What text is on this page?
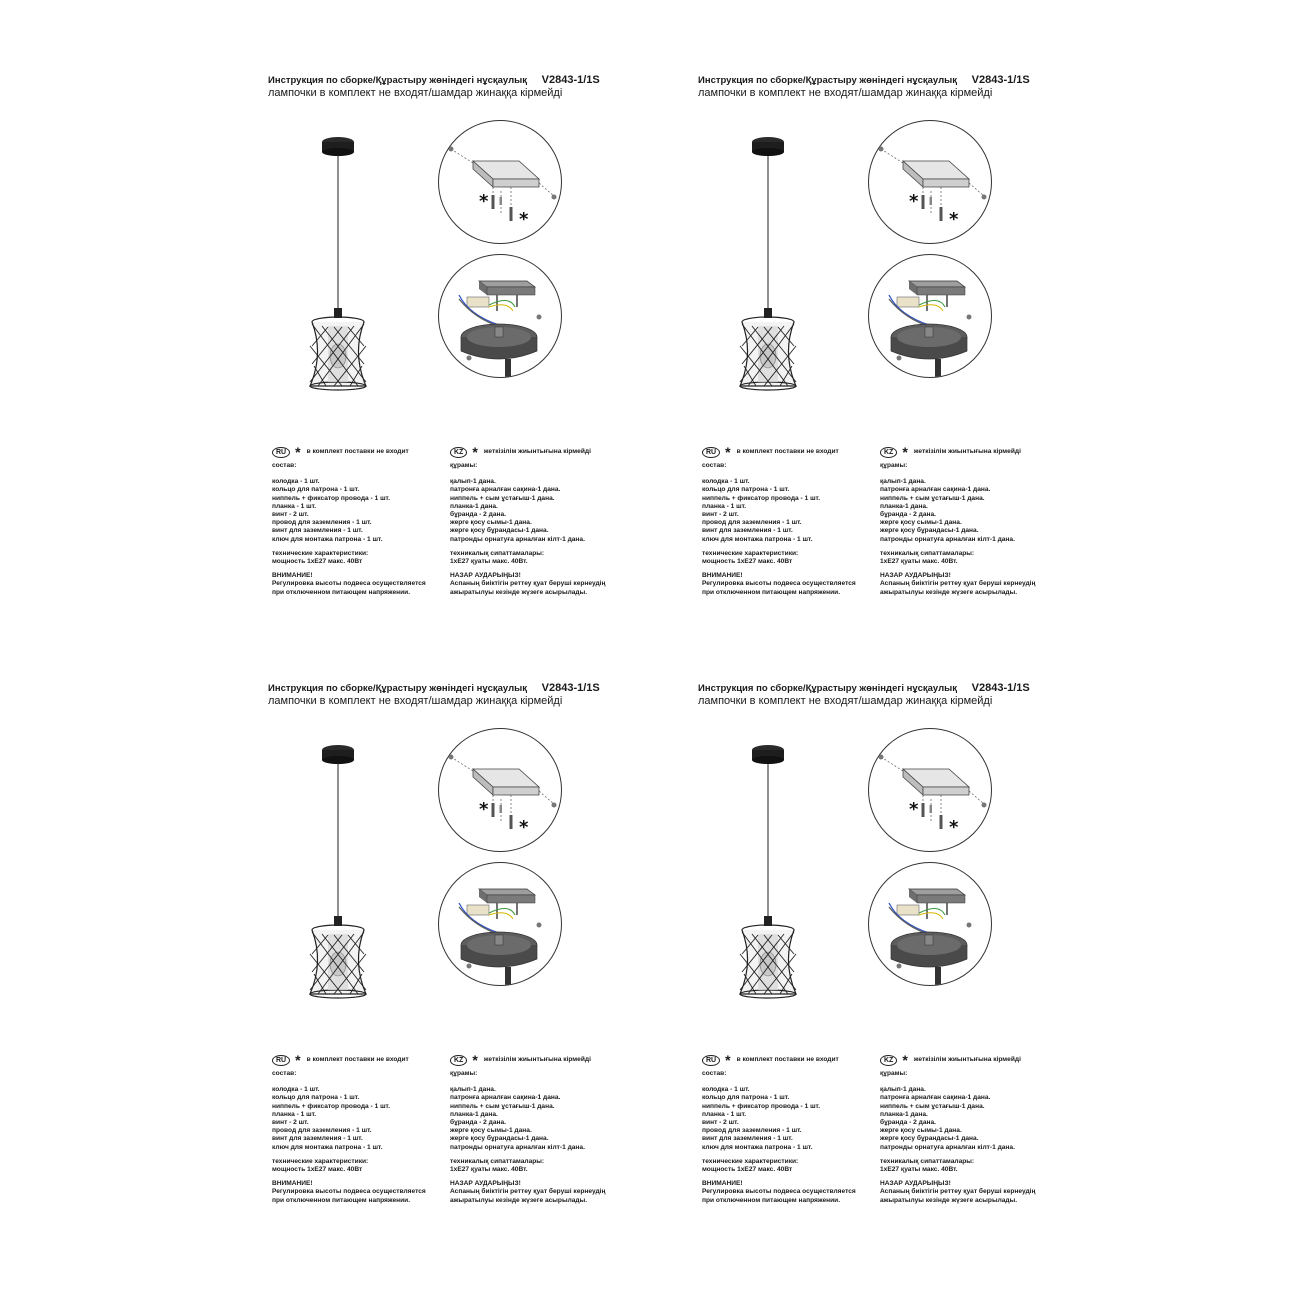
Инструкция по сборке/Құрастыру жөніндегі нұсқаулық V2843-1/1S
лампочки в комплект не входят/шамдар жинаққа кірмейді
*
*
RU * в комплект поставки не входит
состав:
колодка - 1 шт.
кольцо для патрона - 1 шт.
ниппель + фиксатор провода - 1 шт.
планка - 1 шт.
винт - 2 шт.
провод для заземления - 1 шт.
винт для заземления - 1 шт.
ключ для монтажа патрона - 1 шт.
технические характеристики:
мощность 1хЕ27 макс. 40Вт
ВНИМАНИЕ!
Регулировка высоты подвеса осуществляется
при отключенном питающем напряжении.
KZ * жеткізілім жиынтығына кірмейді
құрамы:
қалып-1 дана.
патронға арналған сақина-1 дана.
ниппель + сым ұстағыш-1 дана.
планка-1 дана.
бұранда - 2 дана.
жерге қосу сымы-1 дана.
жерге қосу бұрандасы-1 дана.
патронды орнатуға арналған кілт-1 дана.
техникалық сипаттамалары:
1хЕ27 қуаты макс. 40Вт.
НАЗАР АУДАРЫҢЫЗ!
Аспаның биіктігін реттеу қуат беруші кернеудің
ажыратылуы кезінде жүзеге асырылады.
Инструкция по сборке/Құрастыру жөніндегі нұсқаулық V2843-1/1S
лампочки в комплект не входят/шамдар жинаққа кірмейді
*
*
RU * в комплект поставки не входит
состав:
колодка - 1 шт.
кольцо для патрона - 1 шт.
ниппель + фиксатор провода - 1 шт.
планка - 1 шт.
винт - 2 шт.
провод для заземления - 1 шт.
винт для заземления - 1 шт.
ключ для монтажа патрона - 1 шт.
технические характеристики:
мощность 1хЕ27 макс. 40Вт
ВНИМАНИЕ!
Регулировка высоты подвеса осуществляется
при отключенном питающем напряжении.
KZ * жеткізілім жиынтығына кірмейді
құрамы:
қалып-1 дана.
патронға арналған сақина-1 дана.
ниппель + сым ұстағыш-1 дана.
планка-1 дана.
бұранда - 2 дана.
жерге қосу сымы-1 дана.
жерге қосу бұрандасы-1 дана.
патронды орнатуға арналған кілт-1 дана.
техникалық сипаттамалары:
1хЕ27 қуаты макс. 40Вт.
НАЗАР АУДАРЫҢЫЗ!
Аспаның биіктігін реттеу қуат беруші кернеудің
ажыратылуы кезінде жүзеге асырылады.
Инструкция по сборке/Құрастыру жөніндегі нұсқаулық V2843-1/1S
лампочки в комплект не входят/шамдар жинаққа кірмейді
*
*
RU * в комплект поставки не входит
состав:
колодка - 1 шт.
кольцо для патрона - 1 шт.
ниппель + фиксатор провода - 1 шт.
планка - 1 шт.
винт - 2 шт.
провод для заземления - 1 шт.
винт для заземления - 1 шт.
ключ для монтажа патрона - 1 шт.
технические характеристики:
мощность 1хЕ27 макс. 40Вт
ВНИМАНИЕ!
Регулировка высоты подвеса осуществляется
при отключенном питающем напряжении.
KZ * жеткізілім жиынтығына кірмейді
құрамы:
қалып-1 дана.
патронға арналған сақина-1 дана.
ниппель + сым ұстағыш-1 дана.
планка-1 дана.
бұранда - 2 дана.
жерге қосу сымы-1 дана.
жерге қосу бұрандасы-1 дана.
патронды орнатуға арналған кілт-1 дана.
техникалық сипаттамалары:
1хЕ27 қуаты макс. 40Вт.
НАЗАР АУДАРЫҢЫЗ!
Аспаның биіктігін реттеу қуат беруші кернеудің
ажыратылуы кезінде жүзеге асырылады.
Инструкция по сборке/Құрастыру жөніндегі нұсқаулық V2843-1/1S
лампочки в комплект не входят/шамдар жинаққа кірмейді
*
*
RU * в комплект поставки не входит
состав:
колодка - 1 шт.
кольцо для патрона - 1 шт.
ниппель + фиксатор провода - 1 шт.
планка - 1 шт.
винт - 2 шт.
провод для заземления - 1 шт.
винт для заземления - 1 шт.
ключ для монтажа патрона - 1 шт.
технические характеристики:
мощность 1хЕ27 макс. 40Вт
ВНИМАНИЕ!
Регулировка высоты подвеса осуществляется
при отключенном питающем напряжении.
KZ * жеткізілім жиынтығына кірмейді
құрамы:
қалып-1 дана.
патронға арналған сақина-1 дана.
ниппель + сым ұстағыш-1 дана.
планка-1 дана.
бұранда - 2 дана.
жерге қосу сымы-1 дана.
жерге қосу бұрандасы-1 дана.
патронды орнатуға арналған кілт-1 дана.
техникалық сипаттамалары:
1хЕ27 қуаты макс. 40Вт.
НАЗАР АУДАРЫҢЫЗ!
Аспаның биіктігін реттеу қуат беруші кернеудің
ажыратылуы кезінде жүзеге асырылады.
